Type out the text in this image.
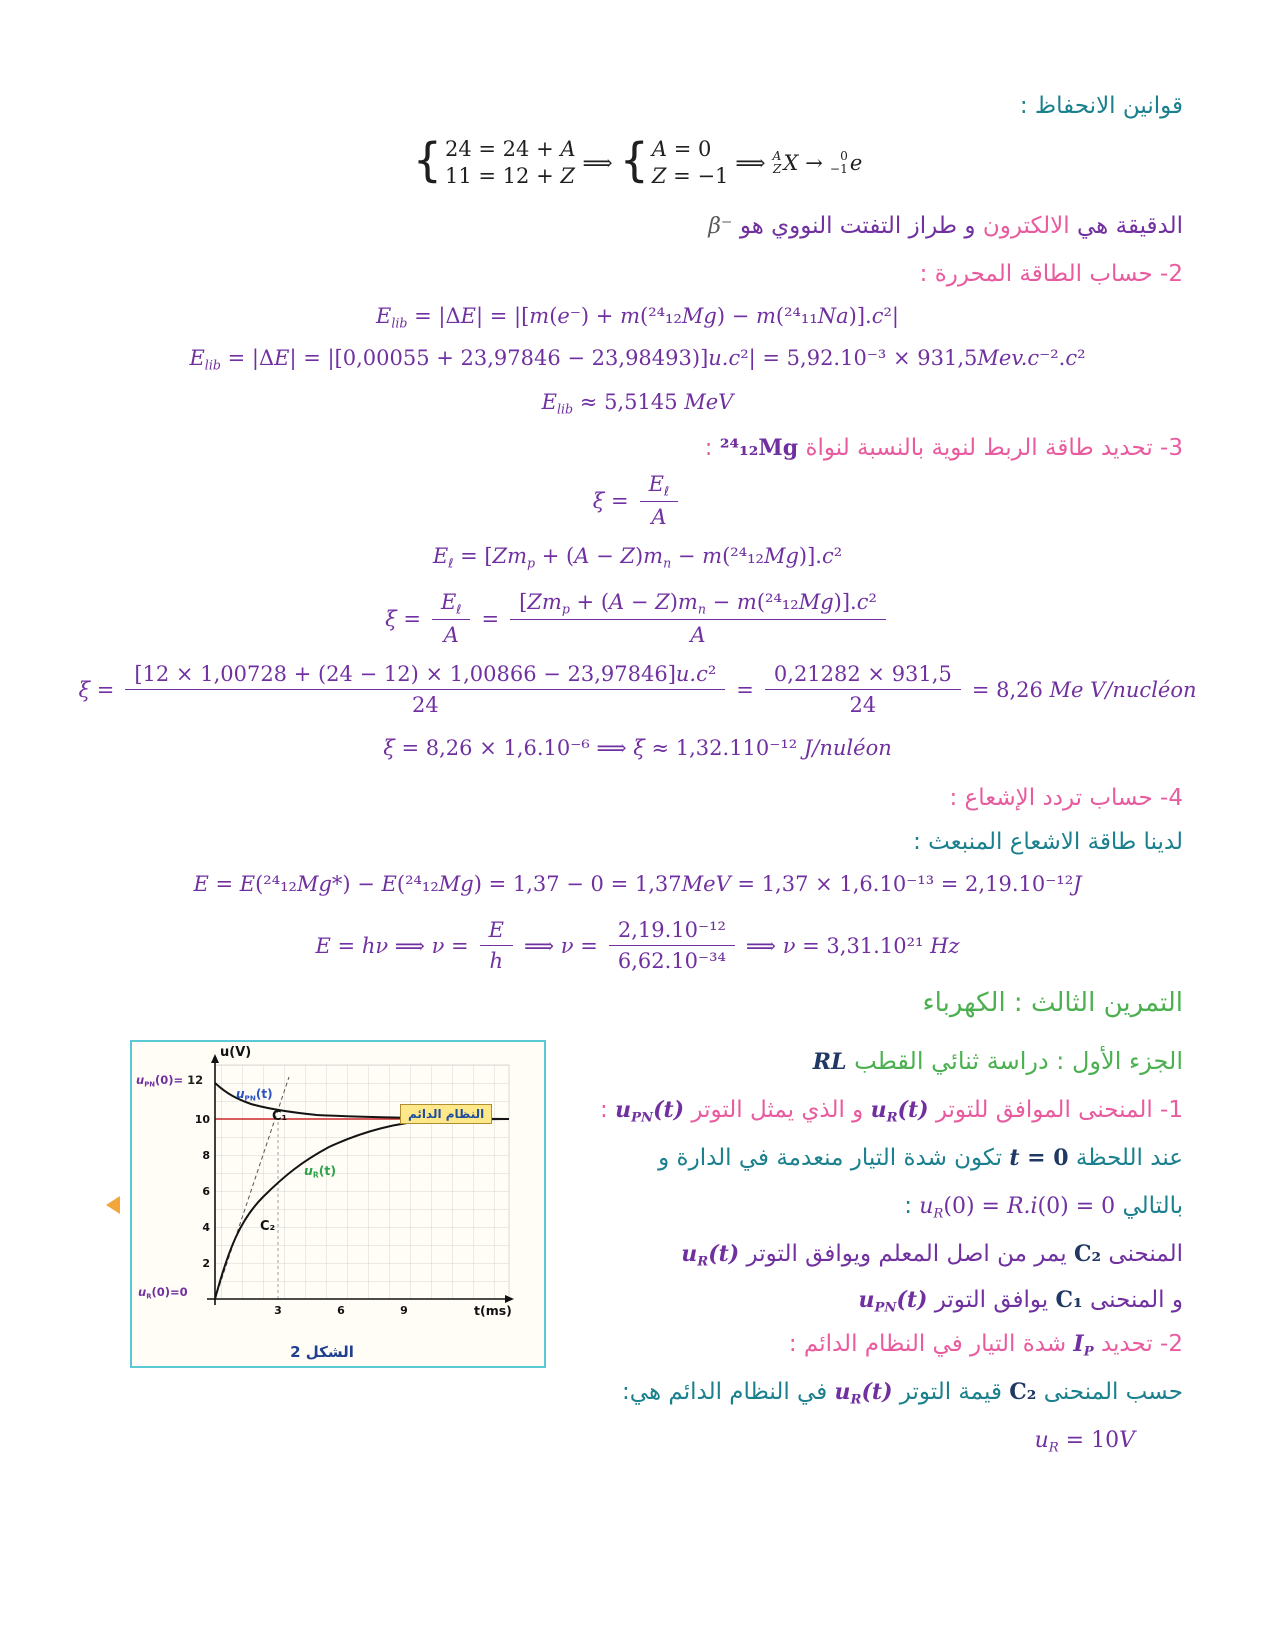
قوانين الانحفاظ :
{ 24 = 24 + A
11 = 12 + Z
⟹ { A = 0
Z = −1
⟹ A
Z X → 0
−1 e
الدقيقة هي الالكترون و طراز التفتت النووي هو β⁻
2- حساب الطاقة المحررة :
$E_{lib} = |\Delta E| = |[m(e^-) + m(^{24}_{12}Mg) - m(^{24}_{11}Na)].c^2|$
$E_{lib} = |\Delta E| = |[0,00055 + 23,97846 - 23,98493)]u.c^2| = 5,92.10^{-3} \times 931,5Mev.c^{-2}.c^2$
$E_{lib} \approx 5,5145$ MeV
3- تحديد طاقة الربط لنوية بالنسبة لنواة ²⁴₁₂Mg :
$\xi = \frac{E_\ell}{A}$
$E_\ell = [Zm_p + (A - Z)m_n - m(^{24}_{12}Mg)].c^2$
$\xi = \frac{E_\ell}{A} = \frac{[Zm_p + (A - Z)m_n - m(^{24}_{12}Mg)].c^2}{A}$
$\xi = \frac{\text{[12 × 1,00728 + (24 − 12) × 1,00866 − 23,97846]u.c²}}{24} = \frac{0,21282 \times 931,5}{24} = 8,26$ Me V/nucléon
ξ = 8,26 × 1,6.10⁻⁶ ⟹ ξ ≈ 1,32.110⁻¹² J/nuléon
4- حساب تردد الإشعاع :
لدينا طاقة الاشعاع المنبعث :
E = E(²⁴₁₂Mg*) − E(²⁴₁₂Mg) = 1,37 − 0 = 1,37MeV = 1,37 × 1,6.10⁻¹³ = 2,19.10⁻¹²J
E = hν ⟹ $\nu = \frac{E}{h}$ ⟹ $\nu = \frac{\text{2,19.10⁻¹²}}{\text{6,62.10⁻³⁴}}$ ⟹ ν = 3,31.10²¹ Hz
التمرين الثالث : الكهرباء
الجزء الأول : دراسة ثنائي القطب RL
1- المنحنى الموافق للتوتر $u_R(t)$ و الذي يمثل التوتر $u_{PN}(t)$ :
عند اللحظة t = 0 تكون شدة التيار منعدمة في الدارة و
بالتالي $u_R(0) = R.i(0) = 0$ :
المنحنى C₂ يمر من اصل المعلم ويوافق التوتر $u_R(t)$
و المنحنى C₁ يوافق التوتر $u_{PN}(t)$
2- تحديد $I_P$ شدة التيار في النظام الدائم :
حسب المنحنى C₂ قيمة التوتر $u_R(t)$ في النظام الدائم هي:
$u_R = 10V$
2
4
6
8
10
3	6	9
u(V)
t(ms)
$u_{PN}(0)= 12$
$u_{PN}(t)$
C₁
$u_R(t)$
C₂
$u_R(0)=0$
النظام الدائم
الشكل 2
